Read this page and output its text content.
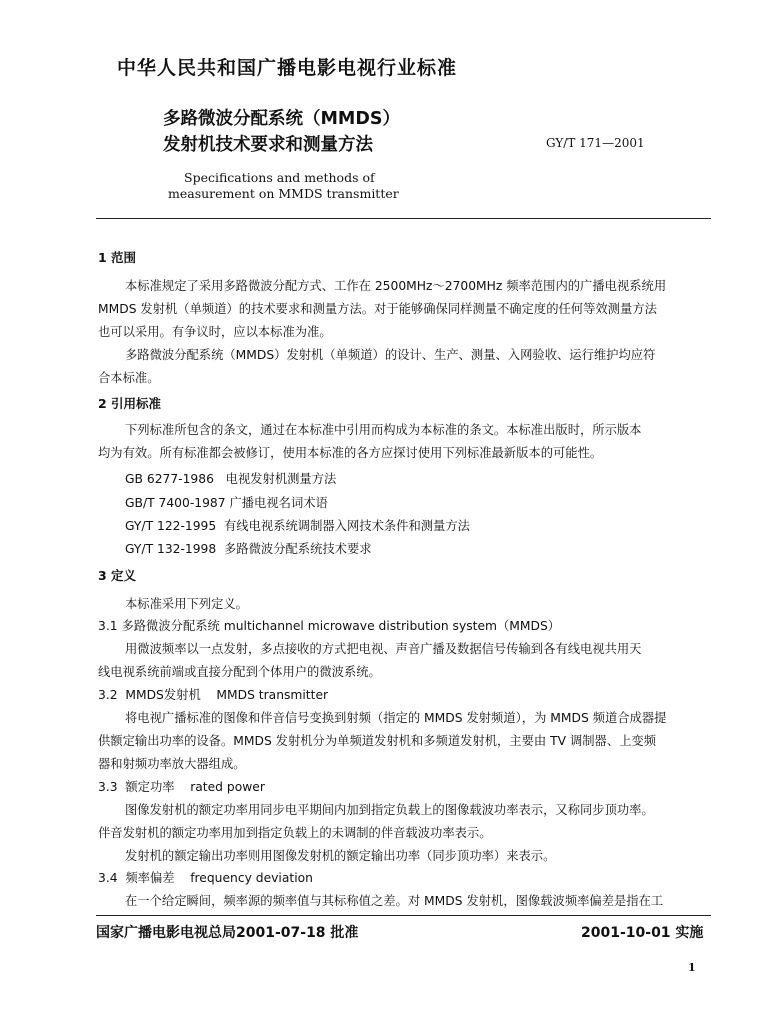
中华人民共和国广播电影电视行业标准
多路微波分配系统（MMDS）
发射机技术要求和测量方法	GY/T 171—2001
Specifications and methods of
measurement on MMDS transmitter
1 范围
本标准规定了采用多路微波分配方式、工作在 2500MHz～2700MHz 频率范围内的广播电视系统用
MMDS 发射机（单频道）的技术要求和测量方法。对于能够确保同样测量不确定度的任何等效测量方法
也可以采用。有争议时，应以本标准为准。
多路微波分配系统（MMDS）发射机（单频道）的设计、生产、测量、入网验收、运行维护均应符
合本标准。
2 引用标准
下列标准所包含的条文，通过在本标准中引用而构成为本标准的条文。本标准出版时，所示版本
均为有效。所有标准都会被修订，使用本标准的各方应探讨使用下列标准最新版本的可能性。
GB 6277-1986   电视发射机测量方法
GB/T 7400-1987 广播电视名词术语
GY/T 122-1995  有线电视系统调制器入网技术条件和测量方法
GY/T 132-1998  多路微波分配系统技术要求
3 定义
本标准采用下列定义。
3.1 多路微波分配系统 multichannel microwave distribution system（MMDS）
用微波频率以一点发射，多点接收的方式把电视、声音广播及数据信号传输到各有线电视共用天
线电视系统前端或直接分配到个体用户的微波系统。
3.2  MMDS发射机    MMDS transmitter
将电视广播标准的图像和伴音信号变换到射频（指定的 MMDS 发射频道），为 MMDS 频道合成器提
供额定输出功率的设备。MMDS 发射机分为单频道发射机和多频道发射机，主要由 TV 调制器、上变频
器和射频功率放大器组成。
3.3  额定功率    rated power
图像发射机的额定功率用同步电平期间内加到指定负载上的图像载波功率表示，又称同步顶功率。
伴音发射机的额定功率用加到指定负载上的未调制的伴音载波功率表示。
发射机的额定输出功率则用图像发射机的额定输出功率（同步顶功率）来表示。
3.4  频率偏差    frequency deviation
在一个给定瞬间，频率源的频率值与其标称值之差。对 MMDS 发射机，图像载波频率偏差是指在工
国家广播电影电视总局2001-07-18 批准	2001-10-01 实施
1
